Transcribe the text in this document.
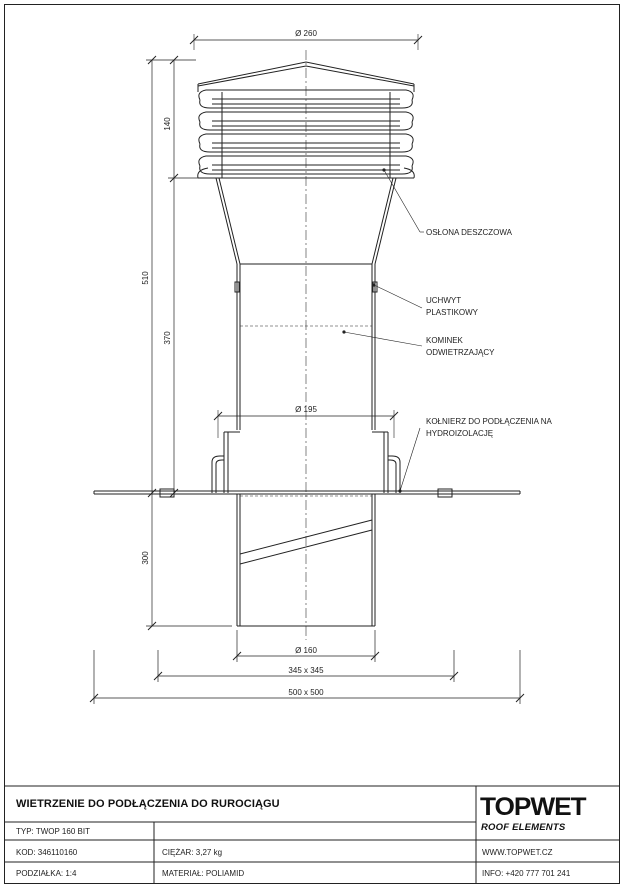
Ø 260
140
510
370
300
Ø 195
Ø 160
345 x 345
500 x 500
OSŁONA DESZCZOWA
UCHWYT
PLASTIKOWY
KOMINEK
ODWIETRZAJĄCY
KOŁNIERZ DO PODŁĄCZENIA NA
HYDROIZOLACJĘ
WIETRZENIE DO PODŁĄCZENIA DO RUROCIĄGU
TYP: TWOP 160 BIT
KOD: 346110160	CIĘŻAR: 3,27 kg
PODZIAŁKA: 1:4	MATERIAŁ: POLIAMID
WWW.TOPWET.CZ
INFO: +420 777 701 241
TOPWET
ROOF ELEMENTS
